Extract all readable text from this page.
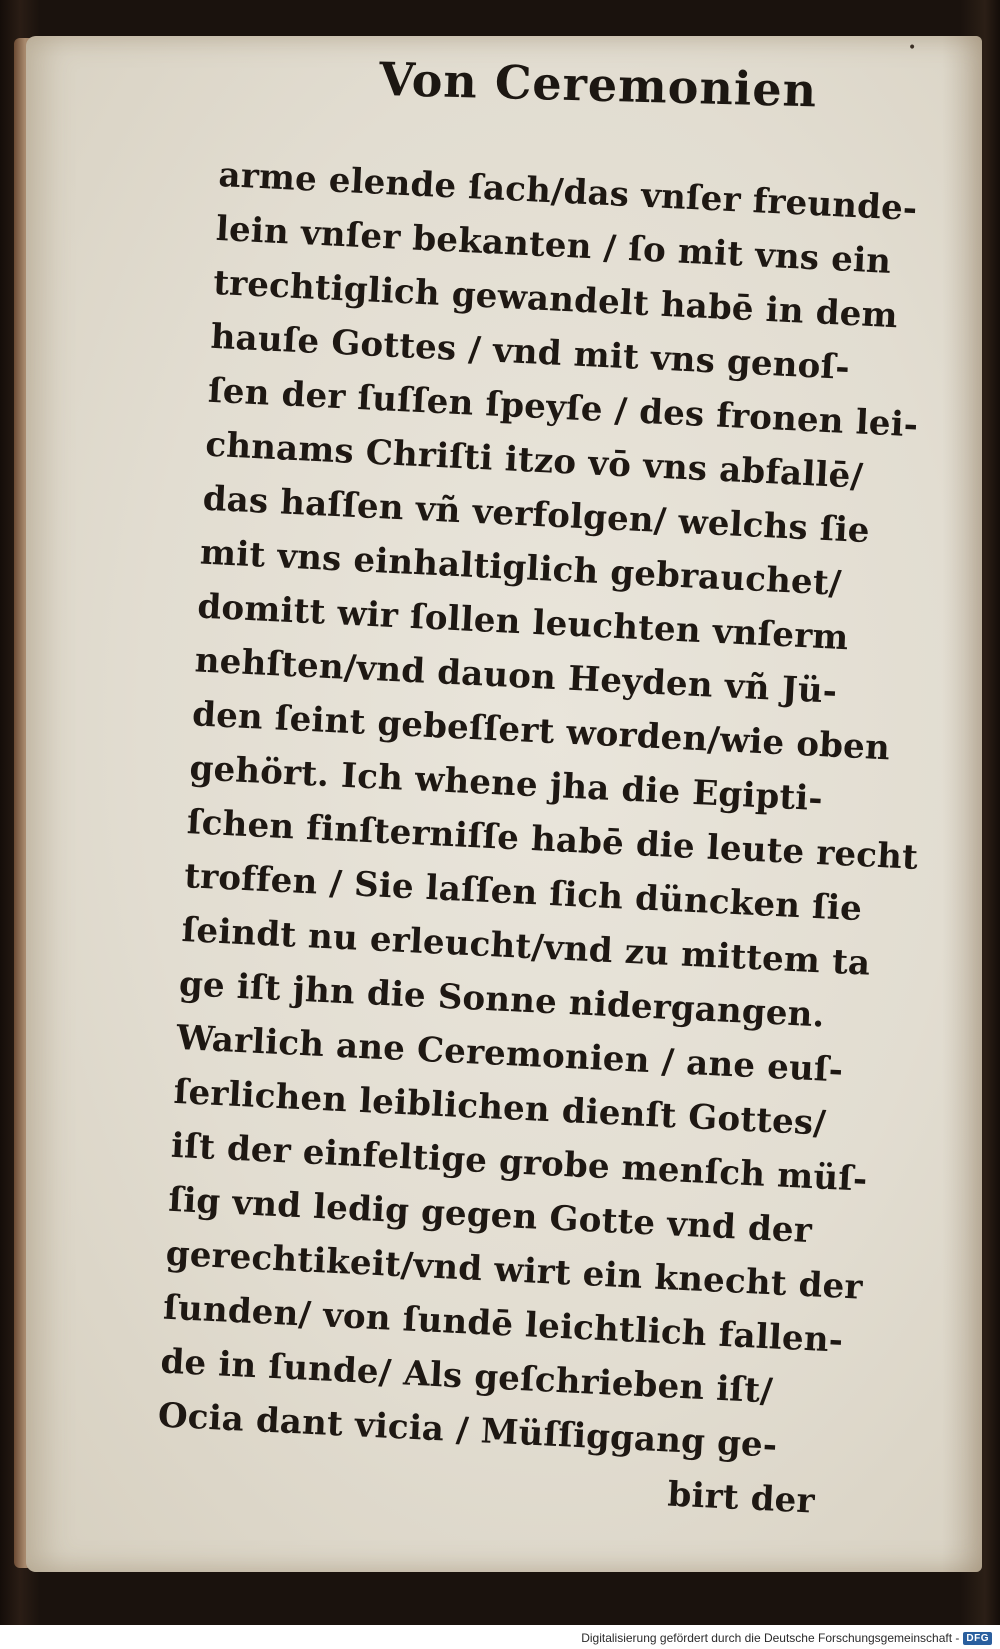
•
Von Ceremonien
arme elende ſach/das vnſer freunde-
lein vnſer bekanten / ſo mit vns ein
trechtiglich gewandelt habē in dem
hauſe Gottes / vnd mit vns genoſ-
ſen der ſuſſen ſpeyſe / des fronen lei-
chnams Chriſti itzo vō vns abfallē/
das haſſen vñ verfolgen/ welchs ſie
mit vns einhaltiglich gebrauchet/
domitt wir ſollen leuchten vnſerm
nehſten/vnd dauon Heyden vñ Jü-
den ſeint gebeſſert worden/wie oben
gehört. Ich whene jha die Egipti-
ſchen finſterniſſe habē die leute recht
troffen / Sie laſſen ſich düncken ſie
ſeindt nu erleucht/vnd zu mittem ta
ge iſt jhn die Sonne nidergangen.
Warlich ane Ceremonien / ane euſ-
ſerlichen leiblichen dienſt Gottes/
iſt der einfeltige grobe menſch müſ-
ſig vnd ledig gegen Gotte vnd der
gerechtikeit/vnd wirt ein knecht der
ſunden/ von ſundē leichtlich fallen-
de in ſunde/ Als geſchrieben iſt/
Ocia dant vicia / Müſſiggang ge-
birt der
Digitalisierung gefördert durch die Deutsche Forschungsgemeinschaft - DFG
